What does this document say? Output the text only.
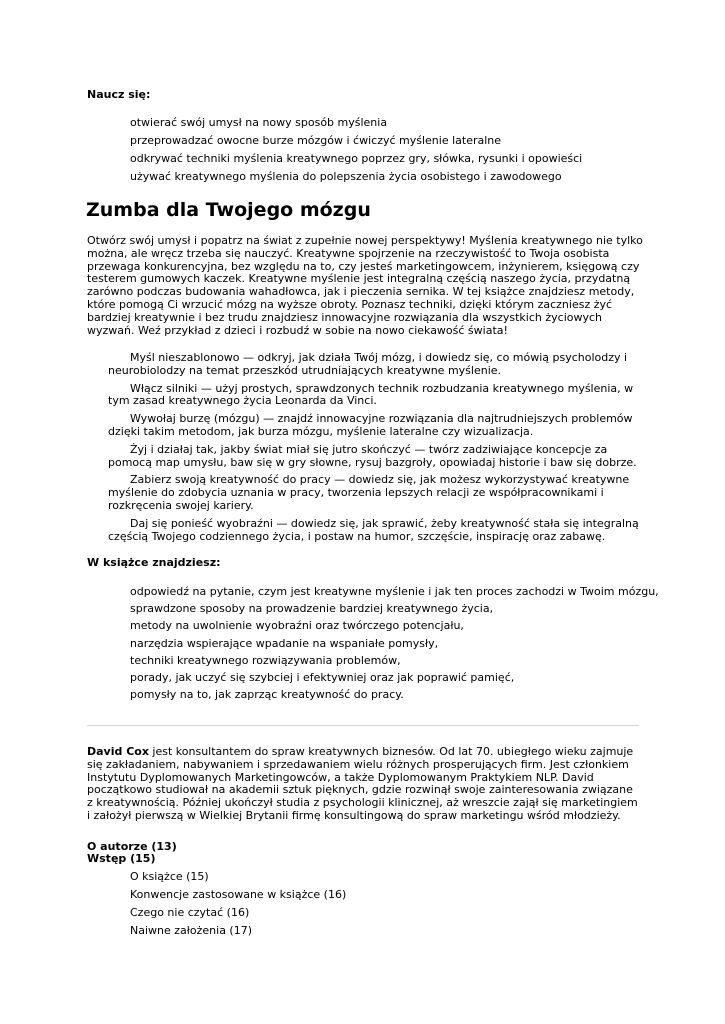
Naucz się:
otwierać swój umysł na nowy sposób myślenia
przeprowadzać owocne burze mózgów i ćwiczyć myślenie lateralne
odkrywać techniki myślenia kreatywnego poprzez gry, słówka, rysunki i opowieści
używać kreatywnego myślenia do polepszenia życia osobistego i zawodowego
Zumba dla Twojego mózgu

Otwórz swój umysł i popatrz na świat z zupełnie nowej perspektywy! Myślenia kreatywnego nie tylko można, ale wręcz trzeba się nauczyć. Kreatywne spojrzenie na rzeczywistość to Twoja osobista przewaga konkurencyjna, bez względu na to, czy jesteś marketingowcem, inżynierem, księgową czy testerem gumowych kaczek. Kreatywne myślenie jest integralną częścią naszego życia, przydatną zarówno podczas budowania wahadłowca, jak i pieczenia sernika. W tej książce znajdziesz metody, które pomogą Ci wrzucić mózg na wyższe obroty. Poznasz techniki, dzięki którym zaczniesz żyć bardziej kreatywnie i bez trudu znajdziesz innowacyjne rozwiązania dla wszystkich życiowych wyzwań. Weź przykład z dzieci i rozbudź w sobie na nowo ciekawość świata!

Myśl nieszablonowo — odkryj, jak działa Twój mózg, i dowiedz się, co mówią psycholodzy i neurobiolodzy na temat przeszkód utrudniających kreatywne myślenie.

Włącz silniki — użyj prostych, sprawdzonych technik rozbudzania kreatywnego myślenia, w tym zasad kreatywnego życia Leonarda da Vinci.

Wywołaj burzę (mózgu) — znajdź innowacyjne rozwiązania dla najtrudniejszych problemów dzięki takim metodom, jak burza mózgu, myślenie lateralne czy wizualizacja.

Żyj i działaj tak, jakby świat miał się jutro skończyć — twórz zadziwiające koncepcje za pomocą map umysłu, baw się w gry słowne, rysuj bazgroły, opowiadaj historie i baw się dobrze.

Zabierz swoją kreatywność do pracy — dowiedz się, jak możesz wykorzystywać kreatywne myślenie do zdobycia uznania w pracy, tworzenia lepszych relacji ze współpracownikami i rozkręcenia swojej kariery.

Daj się ponieść wyobraźni — dowiedz się, jak sprawić, żeby kreatywność stała się integralną częścią Twojego codziennego życia, i postaw na humor, szczęście, inspirację oraz zabawę.

W książce znajdziesz:
odpowiedź na pytanie, czym jest kreatywne myślenie i jak ten proces zachodzi w Twoim mózgu,
sprawdzone sposoby na prowadzenie bardziej kreatywnego życia,
metody na uwolnienie wyobraźni oraz twórczego potencjału,
narzędzia wspierające wpadanie na wspaniałe pomysły,
techniki kreatywnego rozwiązywania problemów,
porady, jak uczyć się szybciej i efektywniej oraz jak poprawić pamięć,
pomysły na to, jak zaprząc kreatywność do pracy.

David Cox jest konsultantem do spraw kreatywnych biznesów. Od lat 70. ubiegłego wieku zajmuje się zakładaniem, nabywaniem i sprzedawaniem wielu różnych prosperujących firm. Jest członkiem Instytutu Dyplomowanych Marketingowców, a także Dyplomowanym Praktykiem NLP. David początkowo studiował na akademii sztuk pięknych, gdzie rozwinął swoje zainteresowania związane z kreatywnością. Później ukończył studia z psychologii klinicznej, aż wreszcie zajął się marketingiem i założył pierwszą w Wielkiej Brytanii firmę konsultingową do spraw marketingu wśród młodzieży.

O autorze (13)
Wstęp (15)
O książce (15)
Konwencje zastosowane w książce (16)
Czego nie czytać (16)
Naiwne założenia (17)
